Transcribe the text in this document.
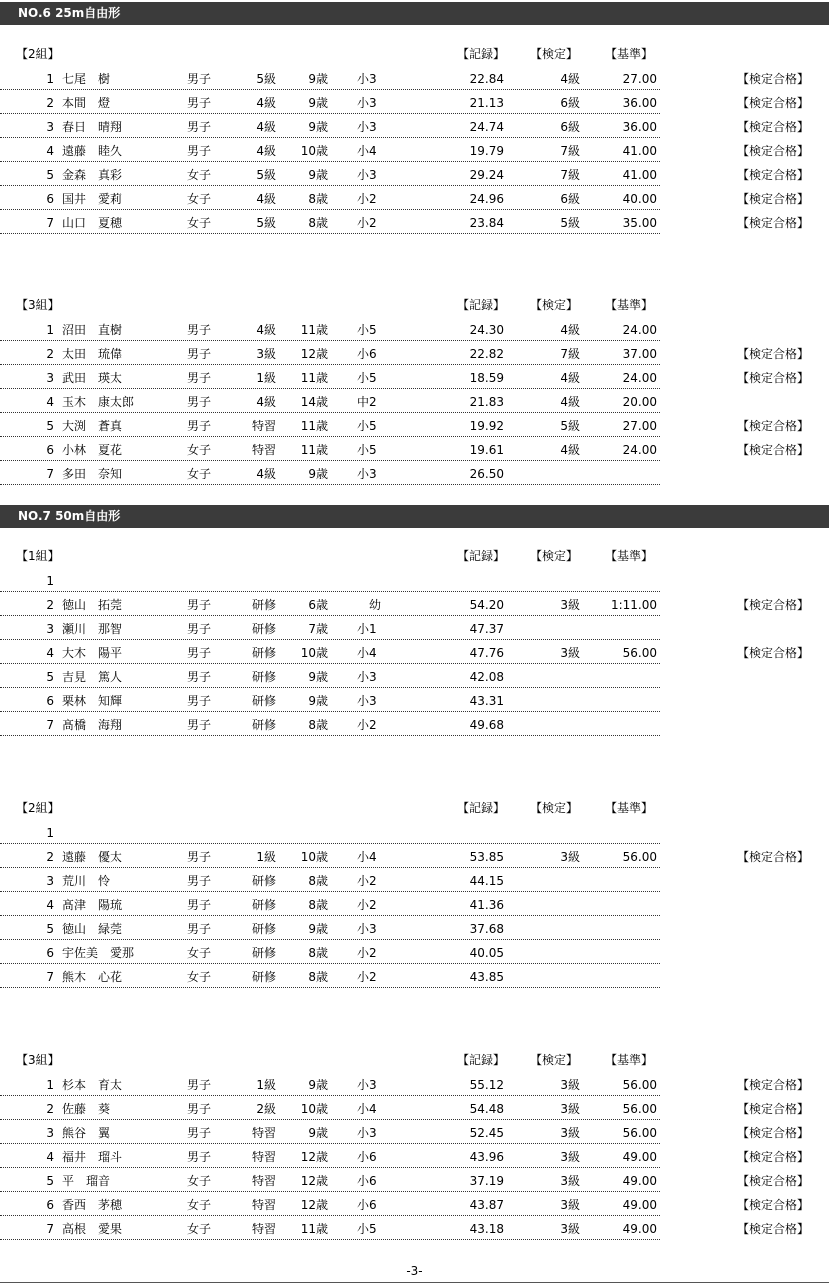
NO.6 25m自由形
【2組】	【記録】 【検定】 【基準】
1 七尾　樹	男子	5級	9歳 小3	22.84	4級	27.00	【検定合格】
2 本間　燈	男子	4級	9歳 小3	21.13	6級	36.00	【検定合格】
3 春日　晴翔	男子	4級	9歳 小3	24.74	6級	36.00	【検定合格】
4 遠藤　睦久	男子	4級	10歳 小4	19.79	7級	41.00	【検定合格】
5 金森　真彩	女子	5級	9歳 小3	29.24	7級	41.00	【検定合格】
6 国井　愛莉	女子	4級	8歳 小2	24.96	6級	40.00	【検定合格】
7 山口　夏穂	女子	5級	8歳 小2	23.84	5級	35.00	【検定合格】
【3組】	【記録】 【検定】 【基準】
1 沼田　直樹	男子	4級	11歳 小5	24.30	4級	24.00
2 太田　琉偉	男子	3級	12歳 小6	22.82	7級	37.00	【検定合格】
3 武田　瑛太	男子	1級	11歳 小5	18.59	4級	24.00	【検定合格】
4 玉木　康太郎	男子	4級	14歳 中2	21.83	4級	20.00
5 大渕　蒼真	男子	特習	11歳 小5	19.92	5級	27.00	【検定合格】
6 小林　夏花	女子	特習	11歳 小5	19.61	4級	24.00	【検定合格】
7 多田　奈知	女子	4級	9歳 小3	26.50
NO.7 50m自由形
【1組】	【記録】 【検定】 【基準】
1
2 徳山　拓莞	男子	研修	6歳 　幼	54.20	3級	1:11.00	【検定合格】
3 瀬川　那智	男子	研修	7歳 小1	47.37
4 大木　陽平	男子	研修	10歳 小4	47.76	3級	56.00	【検定合格】
5 吉見　篤人	男子	研修	9歳 小3	42.08
6 栗林　知輝	男子	研修	9歳 小3	43.31
7 髙橋　海翔	男子	研修	8歳 小2	49.68
【2組】	【記録】 【検定】 【基準】
1
2 遠藤　優太	男子	1級	10歳 小4	53.85	3級	56.00	【検定合格】
3 荒川　怜	男子	研修	8歳 小2	44.15
4 髙津　陽琉	男子	研修	8歳 小2	41.36
5 徳山　緑莞	男子	研修	9歳 小3	37.68
6 宇佐美　愛那	女子	研修	8歳 小2	40.05
7 熊木　心花	女子	研修	8歳 小2	43.85
【3組】	【記録】 【検定】 【基準】
1 杉本　育太	男子	1級	9歳 小3	55.12	3級	56.00	【検定合格】
2 佐藤　葵	男子	2級	10歳 小4	54.48	3級	56.00	【検定合格】
3 熊谷　翼	男子	特習	9歳 小3	52.45	3級	56.00	【検定合格】
4 福井　瑠斗	男子	特習	12歳 小6	43.96	3級	49.00	【検定合格】
5 平　瑠音	女子	特習	12歳 小6	37.19	3級	49.00	【検定合格】
6 香西　茅穂	女子	特習	12歳 小6	43.87	3級	49.00	【検定合格】
7 高根　愛果	女子	特習	11歳 小5	43.18	3級	49.00	【検定合格】
-3-
